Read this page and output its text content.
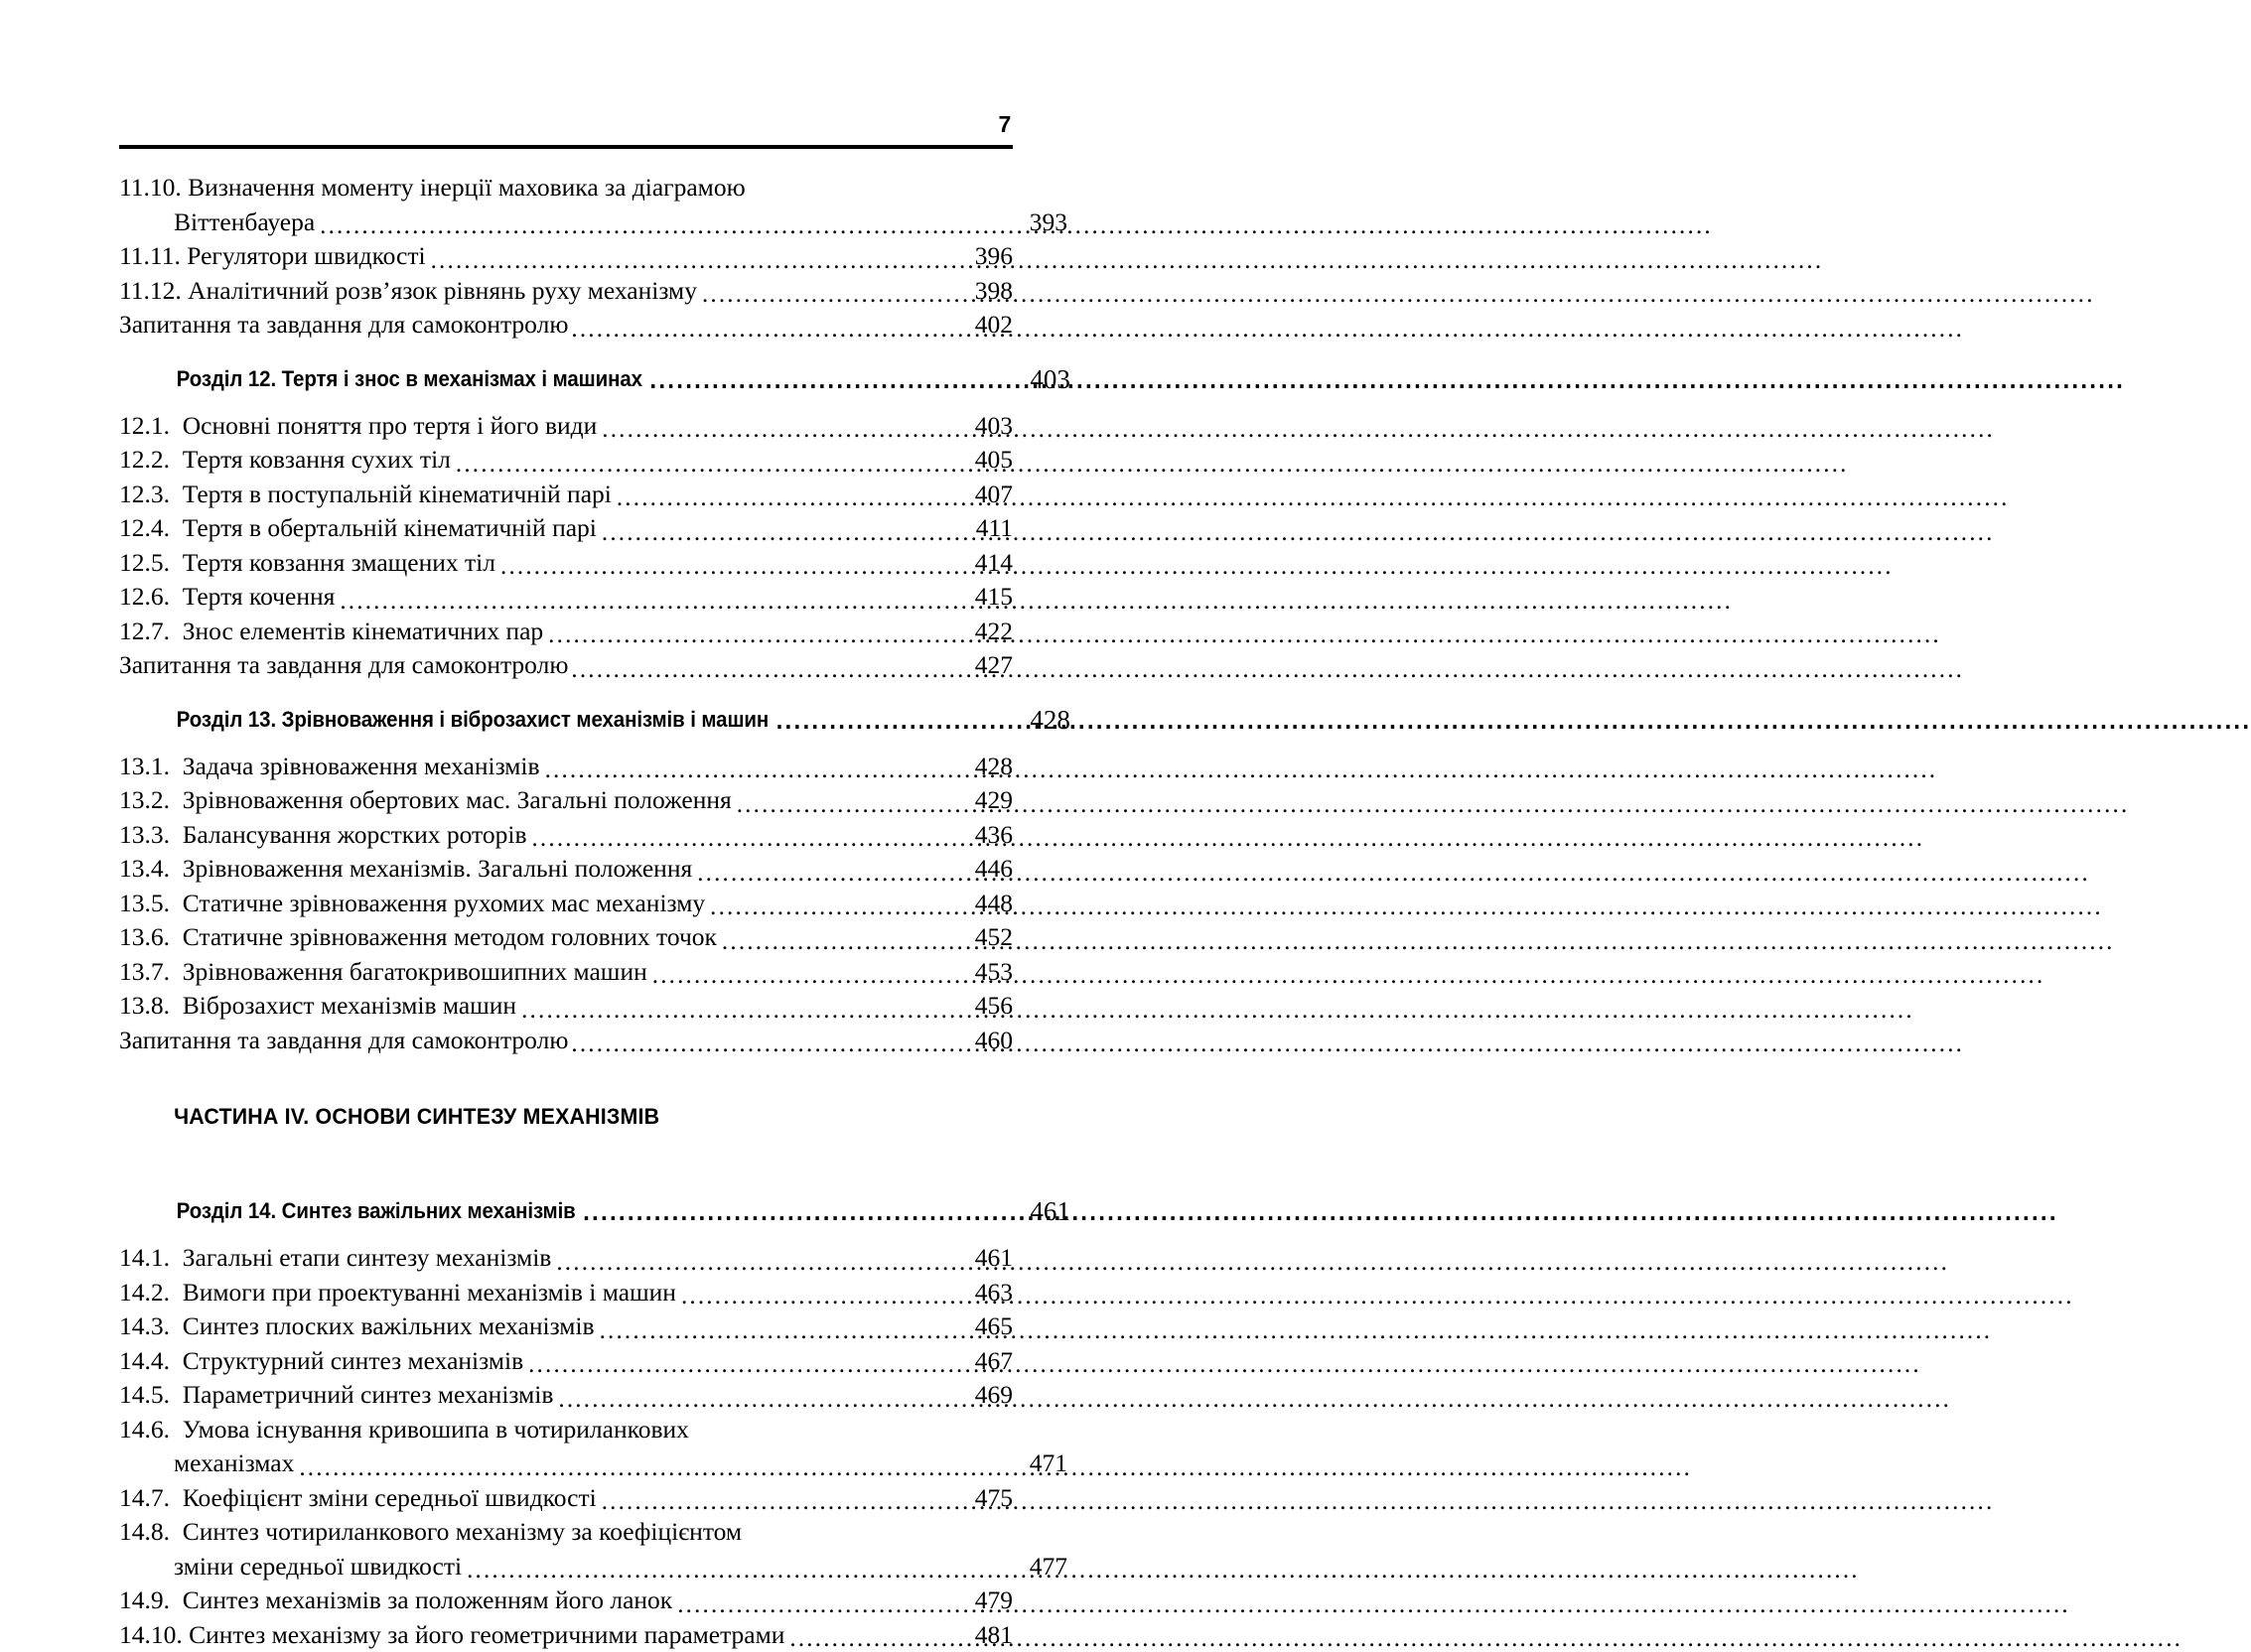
7
11.10. Визначення моменту інерції маховика за діаграмою
Віттенбауера .....	393
11.11. Регулятори швидкості .....	396
11.12. Аналітичний розв’язок рівнянь руху механізму .....	398
Запитання та завдання для самоконтролю .....	402
Розділ 12. Тертя і знос в механізмах і машинах .....	403
12.1.  Основні поняття про тертя і його види .....	403
12.2.  Тертя ковзання сухих тіл .....	405
12.3.  Тертя в поступальній кінематичній парі .....	407
12.4.  Тертя в обертальній кінематичній парі .....	411
12.5.  Тертя ковзання змащених тіл .....	414
12.6.  Тертя кочення .....	415
12.7.  Знос елементів кінематичних пар .....	422
Запитання та завдання для самоконтролю .....	427
Розділ 13. Зрівноваження і віброзахист механізмів і машин .....	428
13.1.  Задача зрівноваження механізмів .....	428
13.2.  Зрівноваження обертових мас. Загальні положення .....	429
13.3.  Балансування жорстких роторів .....	436
13.4.  Зрівноваження механізмів. Загальні положення .....	446
13.5.  Статичне зрівноваження рухомих мас механізму .....	448
13.6.  Статичне зрівноваження методом головних точок .....	452
13.7.  Зрівноваження багатокривошипних машин .....	453
13.8.  Віброзахист механізмів машин .....	456
Запитання та завдання для самоконтролю .....	460
ЧАСТИНА IV. ОСНОВИ СИНТЕЗУ МЕХАНІЗМІВ
Розділ 14. Синтез важільних механізмів .....	461
14.1.  Загальні етапи синтезу механізмів .....	461
14.2.  Вимоги при проектуванні механізмів і машин .....	463
14.3.  Синтез плоских важільних механізмів .....	465
14.4.  Структурний синтез механізмів .....	467
14.5.  Параметричний синтез механізмів .....	469
14.6.  Умова існування кривошипа в чотириланкових
механізмах .....	471
14.7.  Коефіцієнт зміни середньої швидкості .....	475
14.8.  Синтез чотириланкового механізму за коефіцієнтом
зміни середньої швидкості .....	477
14.9.  Синтез механізмів за положенням його ланок .....	479
14.10. Синтез механізму за його геометричними параметрами .....	481
